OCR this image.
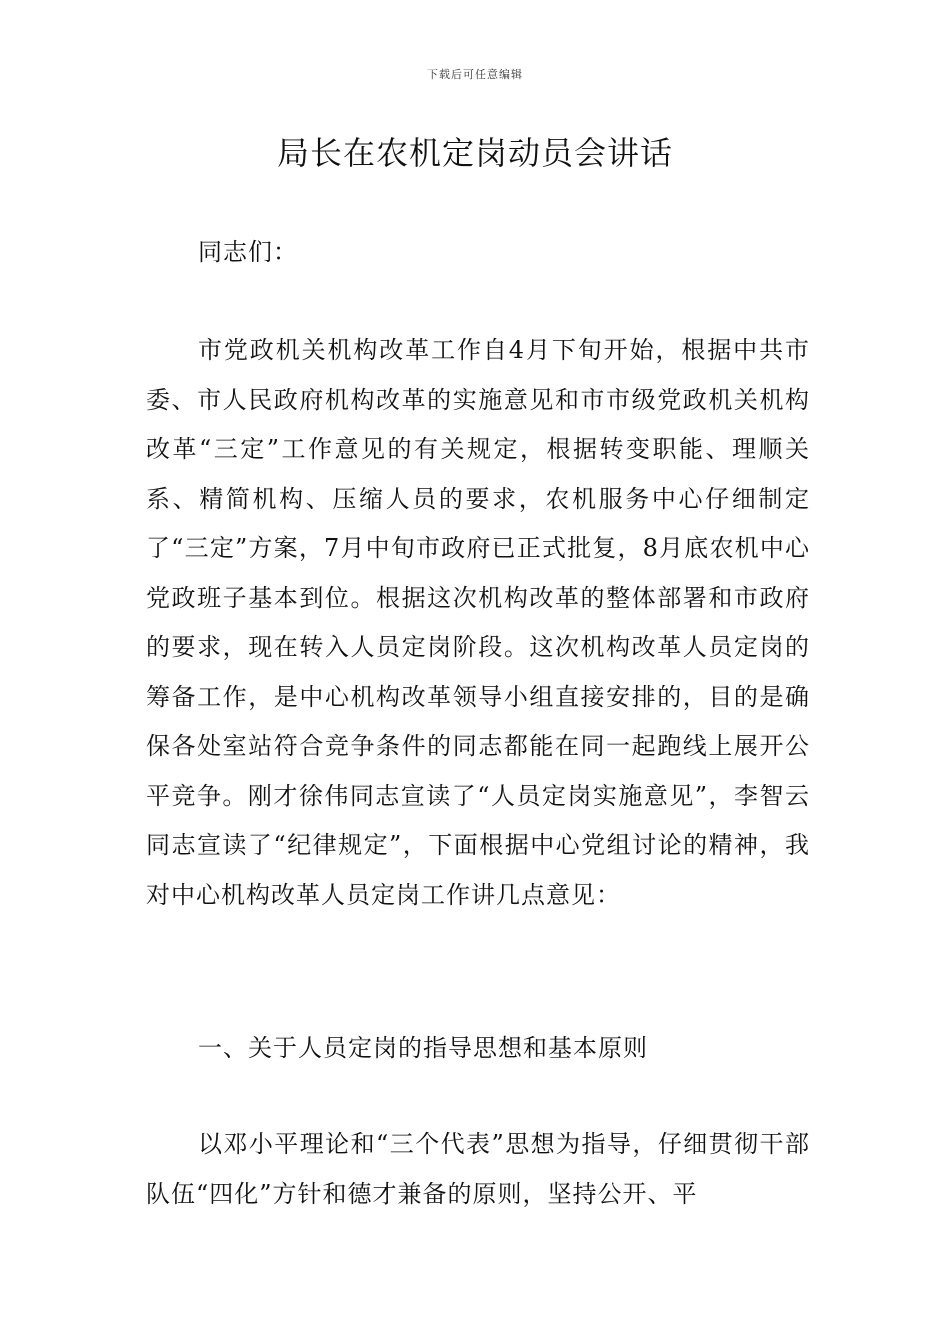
下载后可任意编辑
局长在农机定岗动员会讲话

同志们：

市党政机关机构改革工作自4月下旬开始，根据中共市委、市人民政府机构改革的实施意见和市市级党政机关机构改革“三定”工作意见的有关规定，根据转变职能、理顺关系、精简机构、压缩人员的要求，农机服务中心仔细制定了“三定”方案，7月中旬市政府已正式批复，8月底农机中心党政班子基本到位。根据这次机构改革的整体部署和市政府的要求，现在转入人员定岗阶段。这次机构改革人员定岗的筹备工作，是中心机构改革领导小组直接安排的，目的是确保各处室站符合竞争条件的同志都能在同一起跑线上展开公平竞争。刚才徐伟同志宣读了“人员定岗实施意见”，李智云同志宣读了“纪律规定”，下面根据中心党组讨论的精神，我对中心机构改革人员定岗工作讲几点意见：

一、关于人员定岗的指导思想和基本原则

以邓小平理论和“三个代表”思想为指导，仔细贯彻干部队伍“四化”方针和德才兼备的原则，坚持公开、平
